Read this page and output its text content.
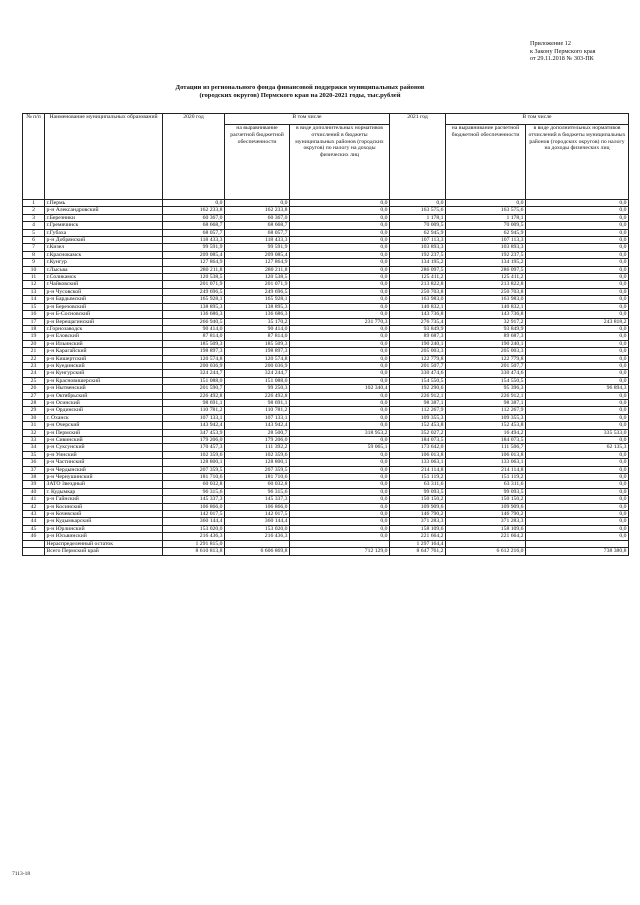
Приложение 12
к Закону Пермского края
от 29.11.2018 № 303-ПК
Дотации из регионального фонда финансовой поддержки муниципальных районов
(городских округов) Пермского края на 2020-2021 годы, тыс.рублей
№ п/п	Наименование муниципальных образований	2020 год	В том числе		2021 год	В том числе	
			на выравнивание расчетной бюджетной обеспеченности	в виде дополнительных нормативов отчислений в бюджеты муниципальных районов (городских округов) по налогу на доходы физических лиц		на выравнивание расчетной бюджетной обеспеченности	в виде дополнительных нормативов отчислений в бюджеты муниципальных районов (городских округов) по налогу на доходы физических лиц
1	г.Пермь	0,0	0,0	0,0	0,0	0,0	0,0
2	р-н Александровский	162 233,8	162 233,8	0,0	163 575,6	163 575,6	0,0
3	г.Березники	60 367,0	60 367,0	0,0	1 178,1	1 178,1	0,0
4	г.Гремячинск	68 668,7	68 668,7	0,0	70 009,5	70 009,5	0,0
5	г.Губаха	68 057,7	68 057,7	0,0	62 945,9	62 945,9	0,0
6	р-н Добрянский	118 433,3	118 433,3	0,0	107 113,3	107 113,3	0,0
7	г.Кизел	99 591,9	99 591,9	0,0	103 893,3	103 893,3	0,0
8	г.Краснокамск	209 085,4	209 085,4	0,0	192 237,5	192 237,5	0,0
9	г.Кунгур	127 864,9	127 864,9	0,0	134 195,2	134 195,2	0,0
10	г.Лысьва	280 211,8	280 211,8	0,0	286 097,5	286 097,5	0,0
11	г.Соликамск	120 538,5	120 538,5	0,0	125 411,2	125 411,2	0,0
12	г.Чайковский	201 071,9	201 071,9	0,0	213 822,8	213 822,8	0,0
13	р-н Чусовской	249 696,5	249 696,5	0,0	250 703,8	250 703,8	0,0
14	р-н Бардымский	165 928,1	165 928,1	0,0	163 983,0	163 983,0	0,0
15	р-н Березовский	138 895,3	138 895,3	0,0	140 832,1	140 832,1	0,0
16	р-н Б-Сосновский	136 686,3	136 686,3	0,0	143 736,8	143 736,8	0,0
17	р-н Верещагинский	266 940,5	35 170,2	231 770,3	276 735,4	32 917,2	243 818,2
18	г.Горнозаводск	90 414,0	90 414,0	0,0	93 849,9	93 849,9	0,0
19	р-н Еловский	87 814,0	87 814,0	0,0	89 687,3	89 687,3	0,0
20	р-н Ильинский	185 509,3	185 509,3	0,0	190 240,1	190 240,1	0,0
21	р-н Карагайский	198 897,3	198 897,3	0,0	205 003,3	205 003,3	0,0
22	р-н Кишертский	120 574,8	120 574,8	0,0	122 779,8	122 779,8	0,0
23	р-н Куединский	200 036,9	200 036,9	0,0	201 507,7	201 507,7	0,0
24	р-н Кунгурский	324 244,7	324 244,7	0,0	330 474,6	330 474,6	0,0
25	р-н Красновишерский	151 088,0	151 088,0	0,0	154 550,5	154 550,5	0,0
26	р-н Нытвенский	201 590,7	99 250,3	102 340,4	192 290,6	95 396,3	96 894,3
27	р-н Октябрьский	226 492,8	226 492,8	0,0	226 912,1	226 912,1	0,0
28	р-н Осинский	98 691,1	98 691,1	0,0	98 387,1	98 387,1	0,0
29	р-н Ординский	110 781,2	110 781,2	0,0	112 267,9	112 267,9	0,0
30	г. Оханск	107 133,1	107 133,1	0,0	109 355,3	109 355,3	0,0
31	р-н Очерский	143 942,4	143 942,4	0,0	152 453,8	152 453,8	0,0
32	р-н Пермский	347 453,9	28 500,7	318 953,2	352 027,2	16 494,2	335 533,0
33	р-н Сивинский	179 206,0	179 206,0	0,0	184 073,5	184 073,5	0,0
34	р-н Суксунский	170 457,3	111 392,2	59 065,1	173 642,0	111 506,7	62 135,3
35	р-н Уинский	102 359,6	102 359,6	0,0	106 013,8	106 013,8	0,0
36	р-н Частинский	128 800,1	128 800,1	0,0	133 063,1	133 063,1	0,0
37	р-н Чердынский	207 359,5	207 359,5	0,0	214 114,8	214 114,8	0,0
38	р-н Чернушинский	181 710,6	181 710,6	0,0	151 119,2	151 119,2	0,0
39	ЗАТО Звездный	60 032,8	60 032,8	0,0	63 311,6	63 311,6	0,0
40	г. Кудымкар	96 315,6	96 315,6	0,0	99 093,5	99 093,5	0,0
41	р-н Гайнский	145 337,3	145 337,3	0,0	150 150,2	150 150,2	0,0
42	р-н Косинский	106 866,0	106 866,0	0,0	109 909,6	109 909,6	0,0
43	р-н Кочевский	142 017,5	142 017,5	0,0	146 790,2	146 790,2	0,0
44	р-н Кудымкарский	360 144,4	360 144,4	0,0	371 283,3	371 283,3	0,0
45	р-н Юрлинский	153 020,0	153 020,0	0,0	158 109,6	158 109,6	0,0
46	р-н Юсьвинский	216 436,3	216 436,3	0,0	221 664,2	221 664,2	0,0
	Нераспределенный остаток	1 291 815,0			1 297 164,4		
	Всего Пермский край	8 610 813,8	6 606 869,8	712 129,0	8 647 761,2	6 612 216,0	738 380,8
7113-18
